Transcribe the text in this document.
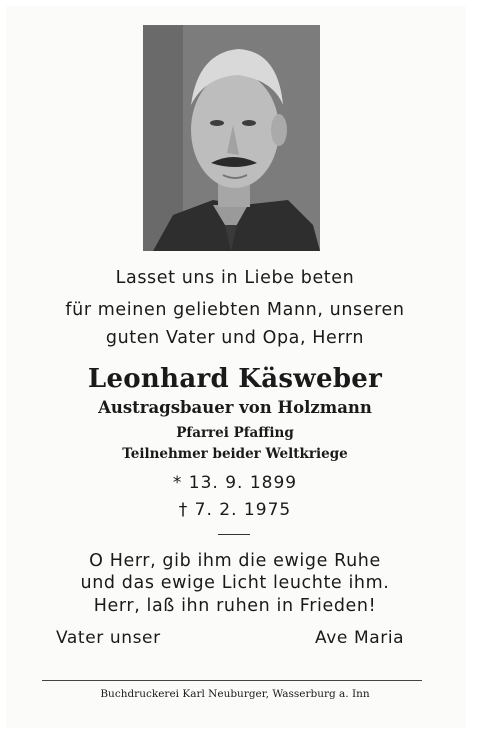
Lasset uns in Liebe beten
für meinen geliebten Mann, unseren
guten Vater und Opa, Herrn
Leonhard Käsweber
Austragsbauer von Holzmann
Pfarrei Pfaffing
Teilnehmer beider Weltkriege
* 13. 9. 1899
† 7. 2. 1975
O Herr, gib ihm die ewige Ruhe
und das ewige Licht leuchte ihm.
Herr, laß ihn ruhen in Frieden!
Vater unser	Ave Maria
Buchdruckerei Karl Neuburger, Wasserburg a. Inn
